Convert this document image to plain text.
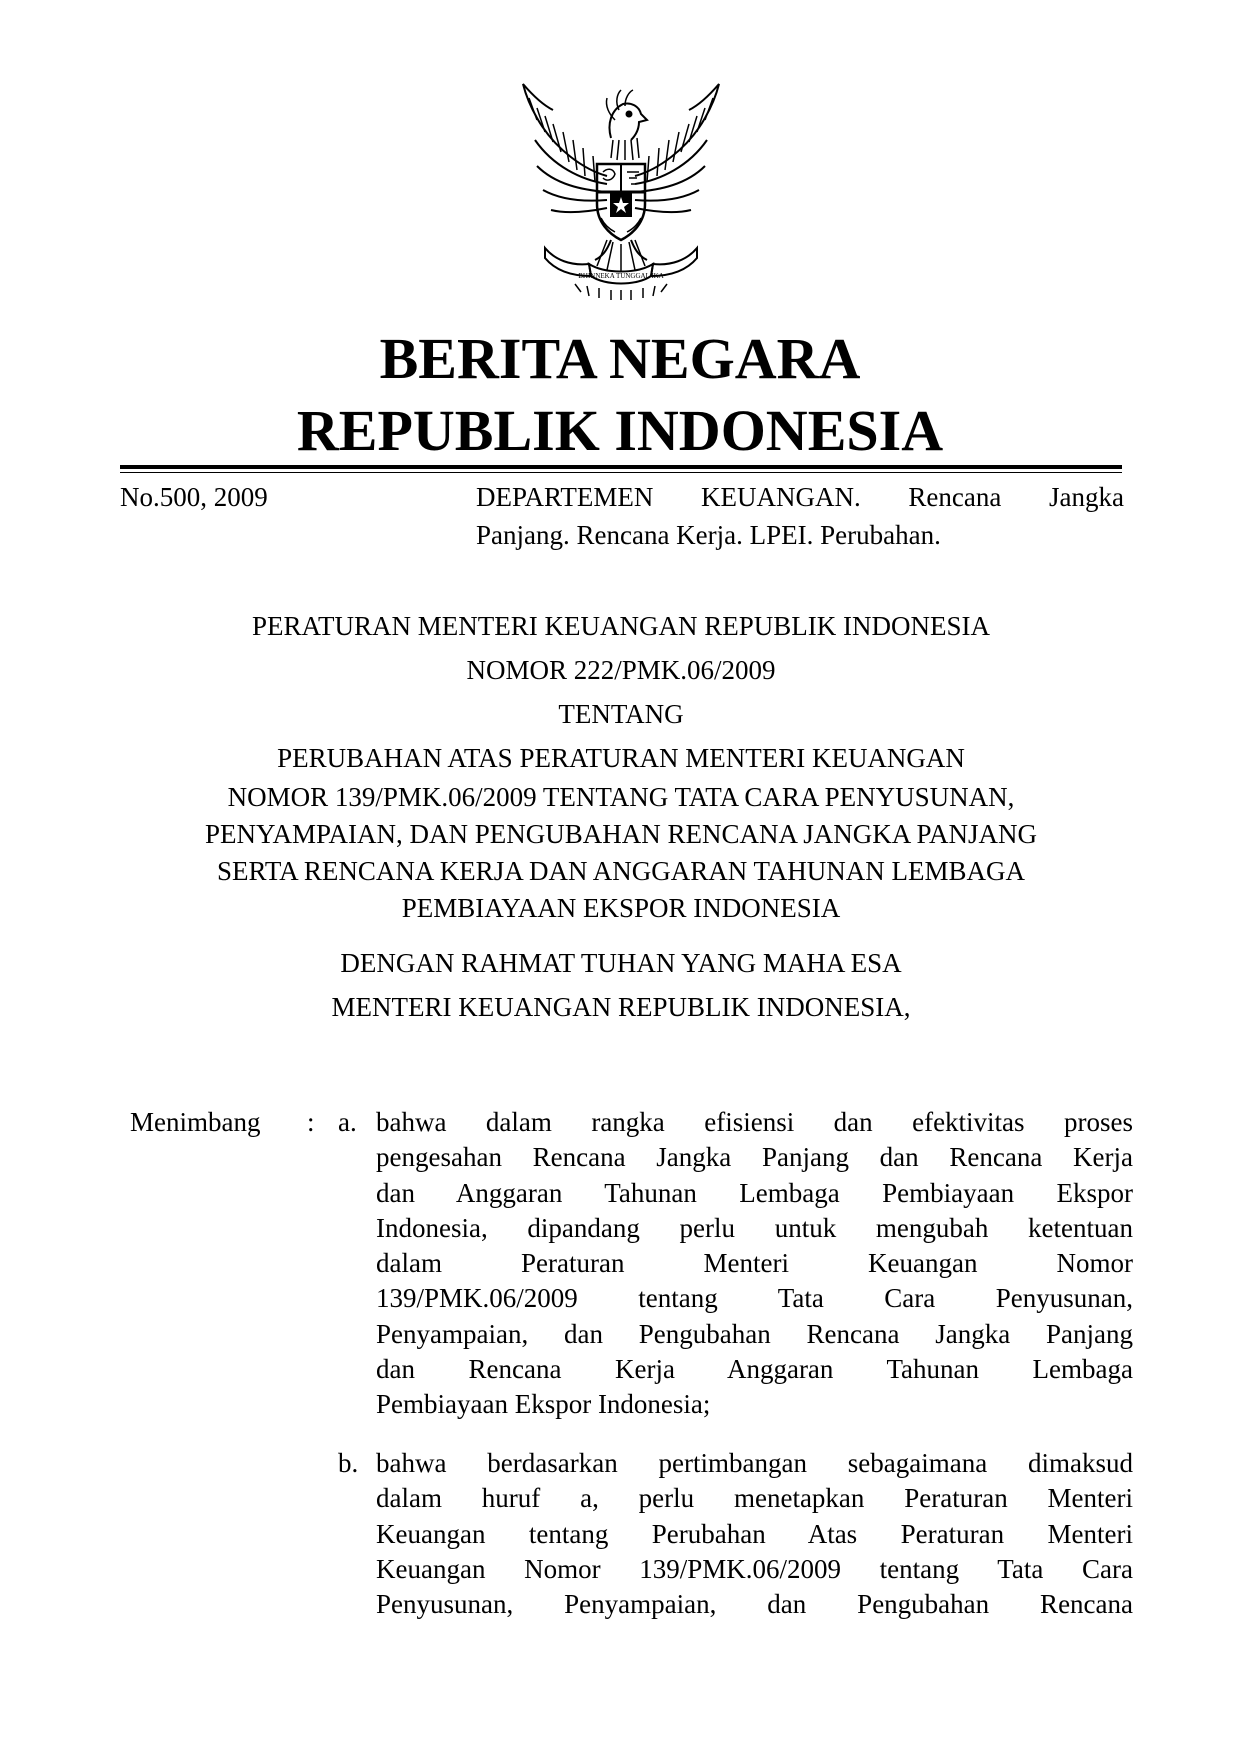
BHINNEKA TUNGGAL IKA
BERITA NEGARA
REPUBLIK INDONESIA
No.500, 2009	DEPARTEMEN KEUANGAN. Rencana Jangka
Panjang. Rencana Kerja. LPEI. Perubahan.
PERATURAN MENTERI KEUANGAN REPUBLIK INDONESIA
NOMOR 222/PMK.06/2009
TENTANG
PERUBAHAN ATAS PERATURAN MENTERI KEUANGAN
NOMOR 139/PMK.06/2009 TENTANG TATA CARA PENYUSUNAN,
PENYAMPAIAN, DAN PENGUBAHAN RENCANA JANGKA PANJANG
SERTA RENCANA KERJA DAN ANGGARAN TAHUNAN LEMBAGA
PEMBIAYAAN EKSPOR INDONESIA
DENGAN RAHMAT TUHAN YANG MAHA ESA
MENTERI KEUANGAN REPUBLIK INDONESIA,
Menimbang : a. bahwa dalam rangka efisiensi dan efektivitas proses
pengesahan Rencana Jangka Panjang dan Rencana Kerja
dan Anggaran Tahunan Lembaga Pembiayaan Ekspor
Indonesia, dipandang perlu untuk mengubah ketentuan
dalam Peraturan Menteri Keuangan Nomor
139/PMK.06/2009 tentang Tata Cara Penyusunan,
Penyampaian, dan Pengubahan Rencana Jangka Panjang
dan Rencana Kerja Anggaran Tahunan Lembaga
Pembiayaan Ekspor Indonesia;
b. bahwa berdasarkan pertimbangan sebagaimana dimaksud
dalam huruf a, perlu menetapkan Peraturan Menteri
Keuangan tentang Perubahan Atas Peraturan Menteri
Keuangan Nomor 139/PMK.06/2009 tentang Tata Cara
Penyusunan, Penyampaian, dan Pengubahan Rencana
